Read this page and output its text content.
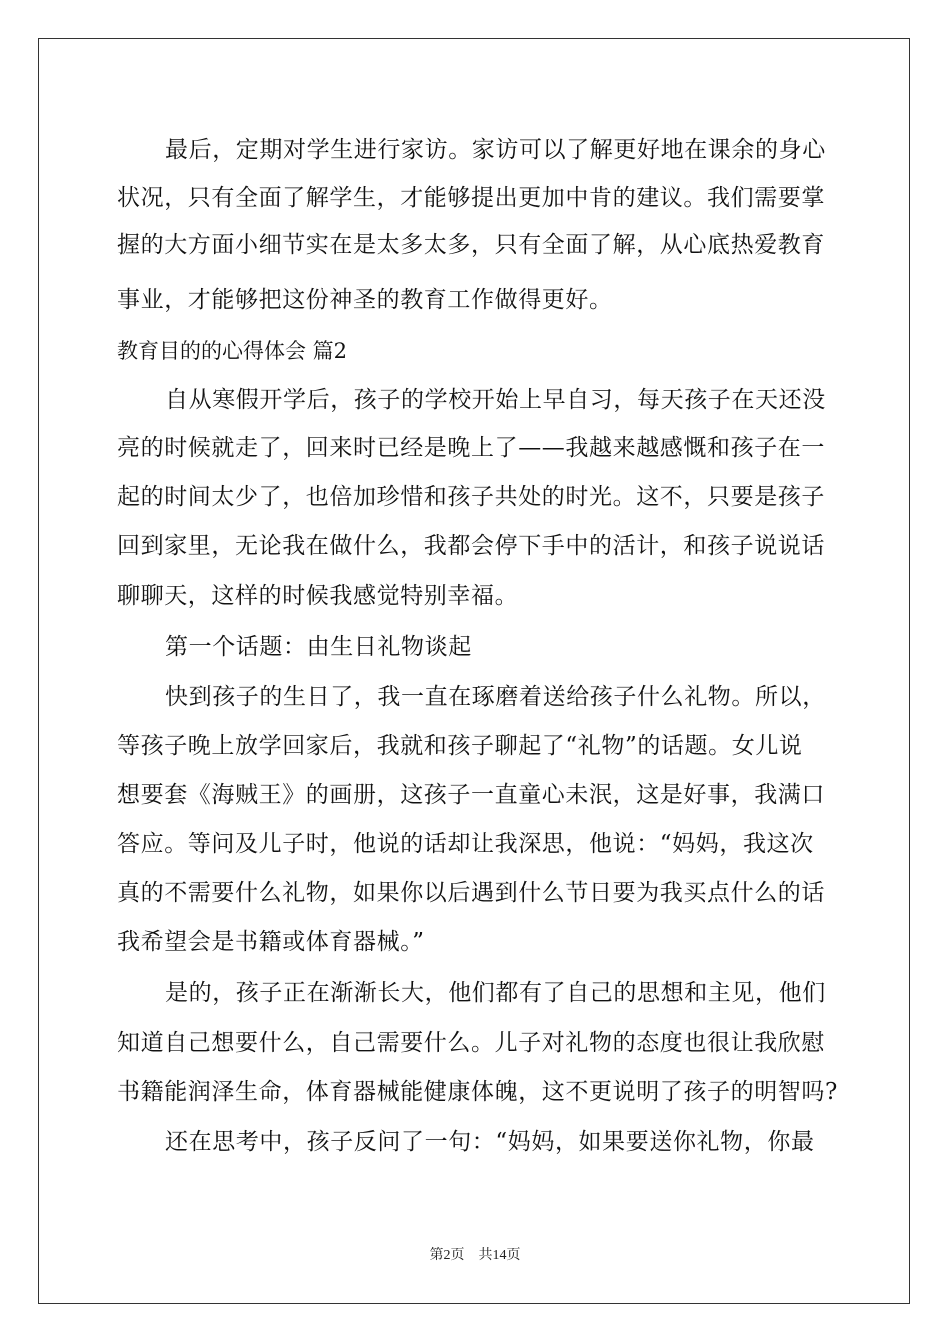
最后，定期对学生进行家访。家访可以了解更好地在课余的身心
状况，只有全面了解学生，才能够提出更加中肯的建议。我们需要掌
握的大方面小细节实在是太多太多，只有全面了解，从心底热爱教育
事业，才能够把这份神圣的教育工作做得更好。
教育目的的心得体会 篇2
自从寒假开学后，孩子的学校开始上早自习，每天孩子在天还没
亮的时候就走了，回来时已经是晚上了——我越来越感慨和孩子在一
起的时间太少了，也倍加珍惜和孩子共处的时光。这不，只要是孩子
回到家里，无论我在做什么，我都会停下手中的活计，和孩子说说话
聊聊天，这样的时候我感觉特别幸福。
第一个话题：由生日礼物谈起
快到孩子的生日了，我一直在琢磨着送给孩子什么礼物。所以，
等孩子晚上放学回家后，我就和孩子聊起了“礼物”的话题。女儿说
想要套《海贼王》的画册，这孩子一直童心未泯，这是好事，我满口
答应。等问及儿子时，他说的话却让我深思，他说：“妈妈，我这次
真的不需要什么礼物，如果你以后遇到什么节日要为我买点什么的话
我希望会是书籍或体育器械。”
是的，孩子正在渐渐长大，他们都有了自己的思想和主见，他们
知道自己想要什么，自己需要什么。儿子对礼物的态度也很让我欣慰
书籍能润泽生命，体育器械能健康体魄，这不更说明了孩子的明智吗?
还在思考中，孩子反问了一句：“妈妈，如果要送你礼物，你最
第2页　共14页
